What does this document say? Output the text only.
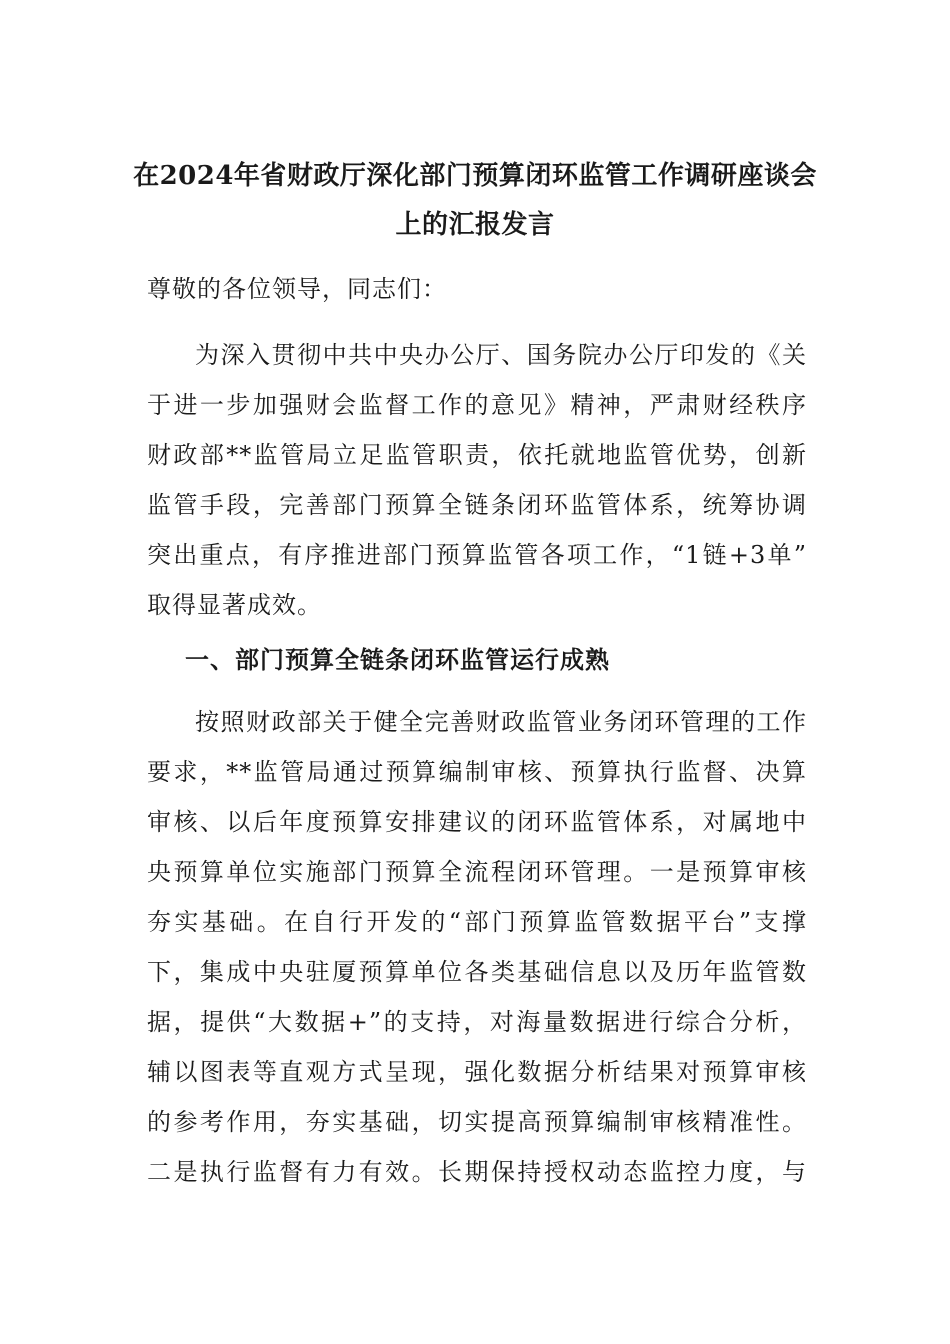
在2024年省财政厅深化部门预算闭环监管工作调研座谈会
上的汇报发言
尊敬的各位领导，同志们：
为深入贯彻中共中央办公厅、国务院办公厅印发的《关
于进一步加强财会监督工作的意见》精神，严肃财经秩序
财政部**监管局立足监管职责，依托就地监管优势，创新
监管手段，完善部门预算全链条闭环监管体系，统筹协调
突出重点，有序推进部门预算监管各项工作，“1链+3单”
取得显著成效。
一、部门预算全链条闭环监管运行成熟
按照财政部关于健全完善财政监管业务闭环管理的工作
要求，**监管局通过预算编制审核、预算执行监督、决算
审核、以后年度预算安排建议的闭环监管体系，对属地中
央预算单位实施部门预算全流程闭环管理。一是预算审核
夯实基础。在自行开发的“部门预算监管数据平台”支撑
下，集成中央驻厦预算单位各类基础信息以及历年监管数
据，提供“大数据+”的支持，对海量数据进行综合分析，
辅以图表等直观方式呈现，强化数据分析结果对预算审核
的参考作用，夯实基础，切实提高预算编制审核精准性。
二是执行监督有力有效。长期保持授权动态监控力度，与
